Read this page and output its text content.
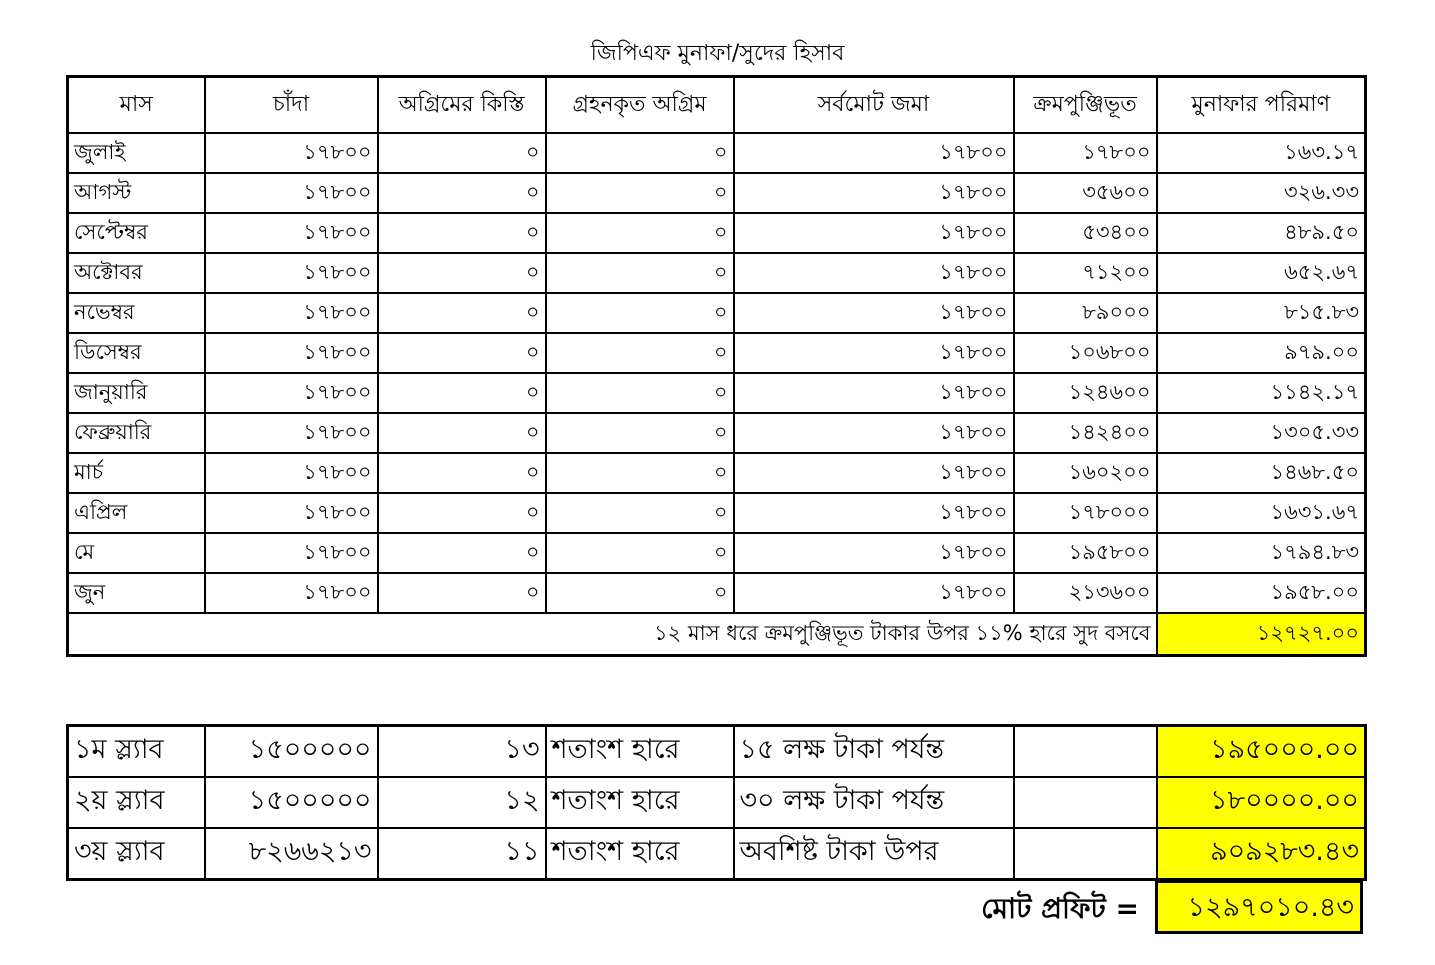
জিপিএফ মুনাফা/সুদের হিসাব
মাস	চাঁদা	অগ্রিমের কিস্তি	গ্রহনকৃত অগ্রিম	সর্বমোট জমা	ক্রমপুঞ্জিভূত	মুনাফার পরিমাণ
জুলাই	১৭৮০০	০	০	১৭৮০০	১৭৮০০	১৬৩.১৭
আগস্ট	১৭৮০০	০	০	১৭৮০০	৩৫৬০০	৩২৬.৩৩
সেপ্টেম্বর	১৭৮০০	০	০	১৭৮০০	৫৩৪০০	৪৮৯.৫০
অক্টোবর	১৭৮০০	০	০	১৭৮০০	৭১২০০	৬৫২.৬৭
নভেম্বর	১৭৮০০	০	০	১৭৮০০	৮৯০০০	৮১৫.৮৩
ডিসেম্বর	১৭৮০০	০	০	১৭৮০০	১০৬৮০০	৯৭৯.০০
জানুয়ারি	১৭৮০০	০	০	১৭৮০০	১২৪৬০০	১১৪২.১৭
ফেব্রুয়ারি	১৭৮০০	০	০	১৭৮০০	১৪২৪০০	১৩০৫.৩৩
মার্চ	১৭৮০০	০	০	১৭৮০০	১৬০২০০	১৪৬৮.৫০
এপ্রিল	১৭৮০০	০	০	১৭৮০০	১৭৮০০০	১৬৩১.৬৭
মে	১৭৮০০	০	০	১৭৮০০	১৯৫৮০০	১৭৯৪.৮৩
জুন	১৭৮০০	০	০	১৭৮০০	২১৩৬০০	১৯৫৮.০০
১২ মাস ধরে ক্রমপুঞ্জিভূত টাকার উপর ১১% হারে সুদ বসবে						১২৭২৭.০০
১ম স্ল্যাব	১৫০০০০০	১৩	শতাংশ হারে	১৫ লক্ষ টাকা পর্যন্ত		১৯৫০০০.০০
২য় স্ল্যাব	১৫০০০০০	১২	শতাংশ হারে	৩০ লক্ষ টাকা পর্যন্ত		১৮০০০০.০০
৩য় স্ল্যাব	৮২৬৬২১৩	১১	শতাংশ হারে	অবশিষ্ট টাকা উপর		৯০৯২৮৩.৪৩
মোট প্রফিট =	১২৯৭০১০.৪৩
